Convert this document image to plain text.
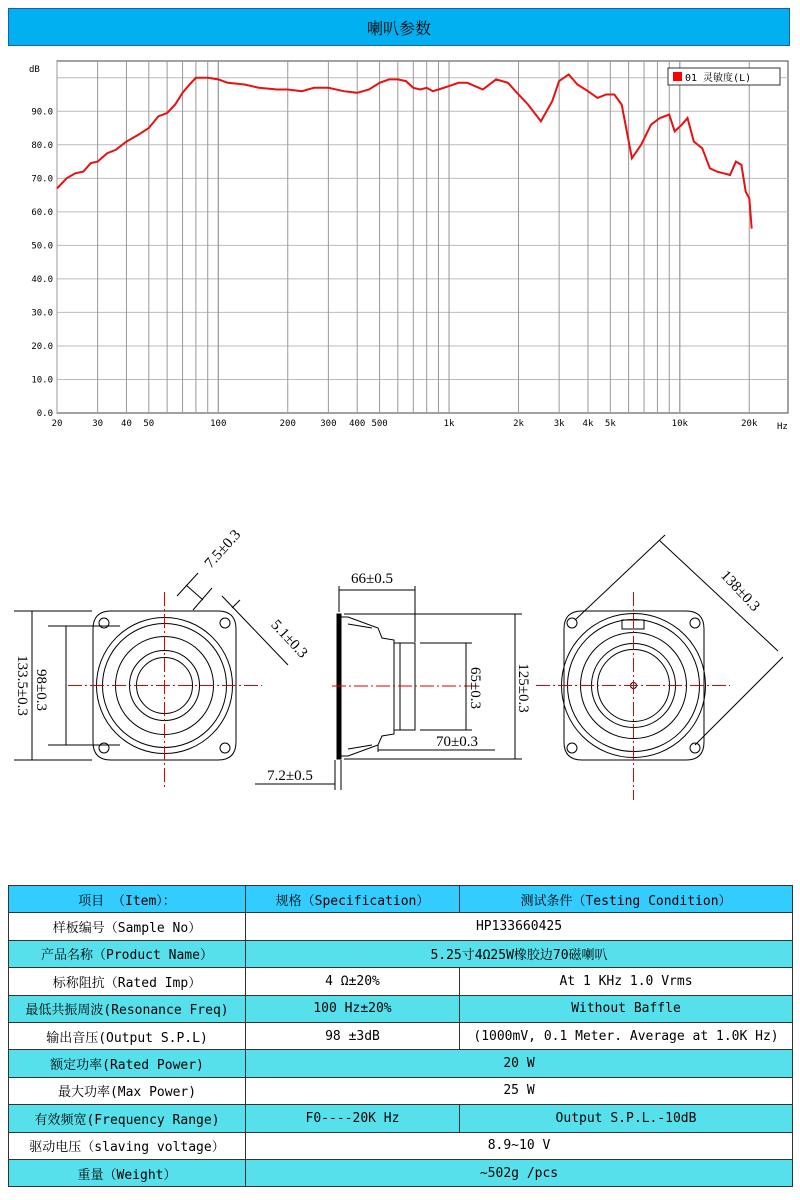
喇叭参数
0.0
10.0
20.0
30.0
40.0
50.0
60.0
70.0
80.0
90.0
20	30 40 50	100	200	300 400 500	1k	2k	3k 4k 5k	10k	20k
dB
Hz
01 灵敏度(L)
133.5±0.3 98±0.3
7.5±0.3
5.1±0.3
66±0.5
65±0.3 125±0.3
70±0.3
7.2±0.5
138±0.3
项目 （Item）：	规格（Specification）	测试条件（Testing Condition）
样板编号（Sample No）	HP133660425	
产品名称（Product Name）	5.25寸4Ω25W橡胶边70磁喇叭	
标称阻抗（Rated Imp）	4 Ω±20%	At 1 KHz 1.0 Vrms
最低共振周波(Resonance Freq)	100 Hz±20%	Without Baffle
输出音压(Output S.P.L)	98 ±3dB	(1000mV, 0.1 Meter. Average at 1.0K Hz)
额定功率(Rated Power)	20 W	
最大功率(Max Power)	25 W	
有效频宽(Frequency Range)	F0----20K Hz	Output S.P.L.-10dB
驱动电压（slaving voltage）	8.9~10 V	
重量（Weight）	~502g /pcs	
